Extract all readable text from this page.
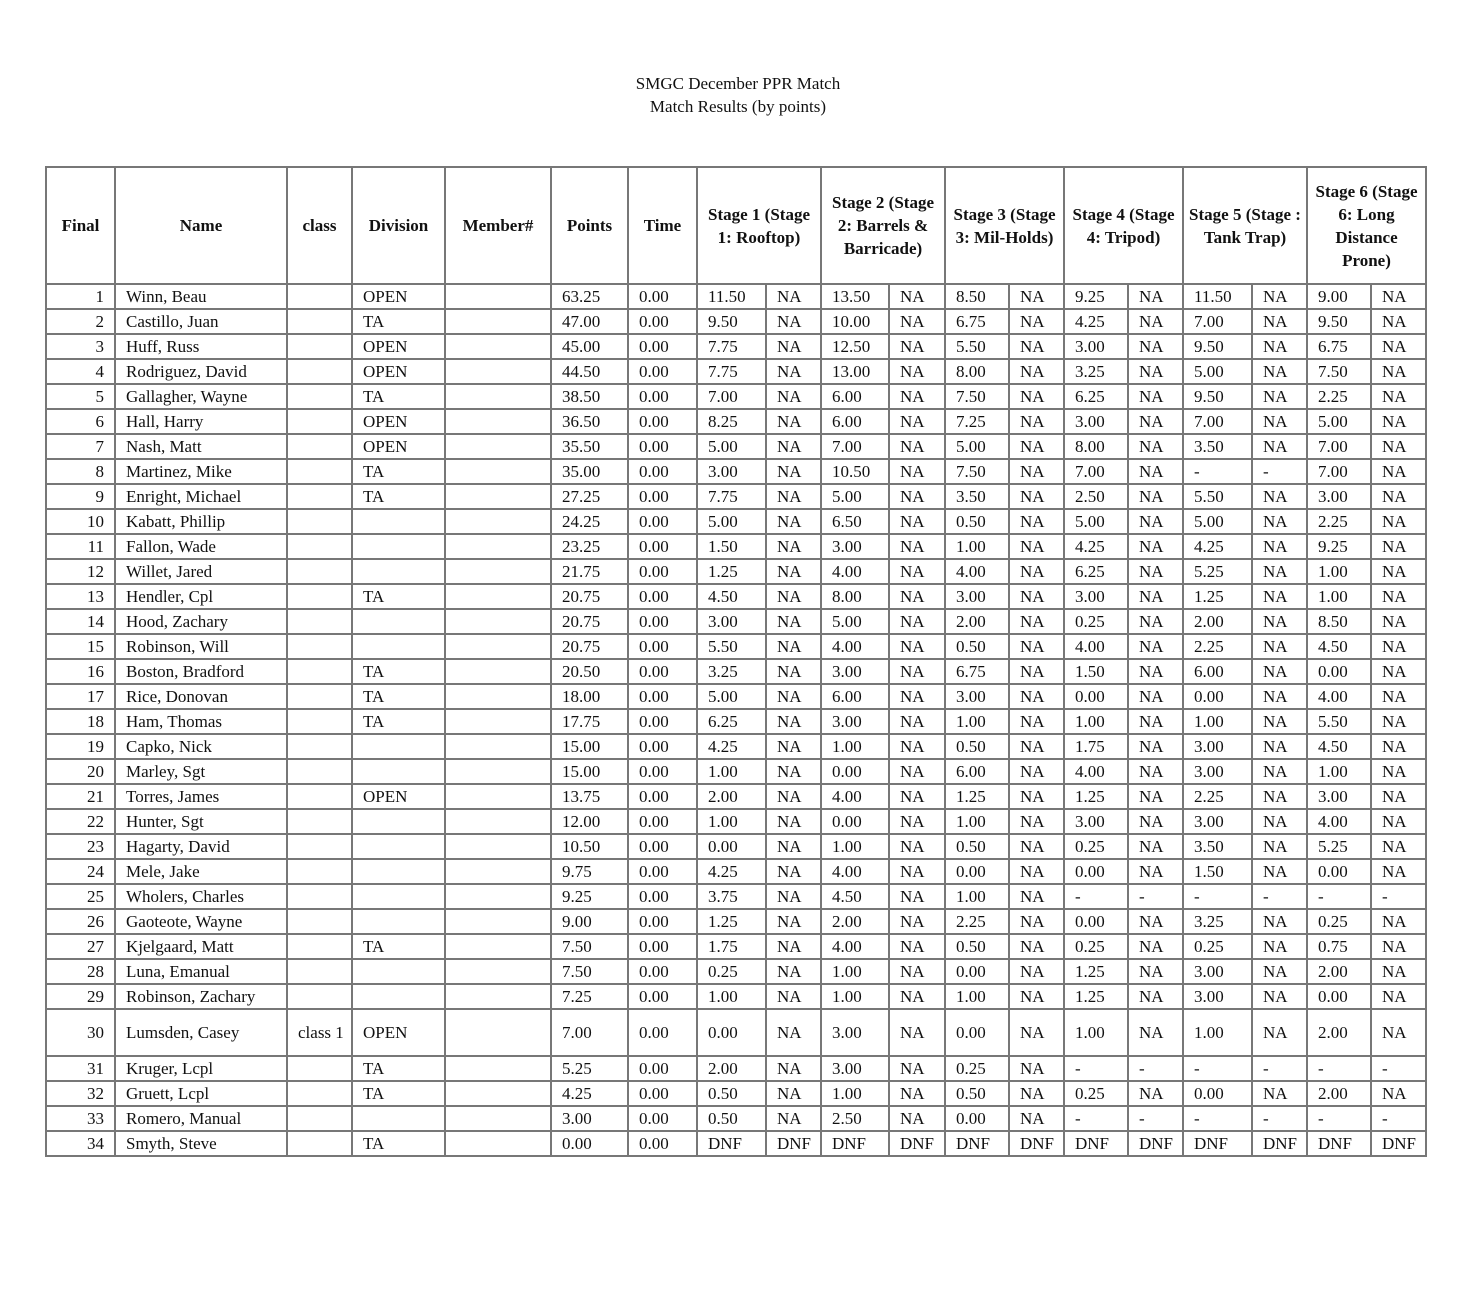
SMGC December PPR Match
Match Results (by points)
Final	Name	class	Division	Member#	Points	Time	Stage 1 (Stage 1: Rooftop)		Stage 2 (Stage 2: Barrels & Barricade)		Stage 3 (Stage 3: Mil-Holds)		Stage 4 (Stage 4: Tripod)		Stage 5 (Stage : Tank Trap)		Stage 6 (Stage 6: Long Distance Prone)	
1	Winn, Beau		OPEN		63.25	0.00	11.50	NA	13.50	NA	8.50	NA	9.25	NA	11.50	NA	9.00	NA
2	Castillo, Juan		TA		47.00	0.00	9.50	NA	10.00	NA	6.75	NA	4.25	NA	7.00	NA	9.50	NA
3	Huff, Russ		OPEN		45.00	0.00	7.75	NA	12.50	NA	5.50	NA	3.00	NA	9.50	NA	6.75	NA
4	Rodriguez, David		OPEN		44.50	0.00	7.75	NA	13.00	NA	8.00	NA	3.25	NA	5.00	NA	7.50	NA
5	Gallagher, Wayne		TA		38.50	0.00	7.00	NA	6.00	NA	7.50	NA	6.25	NA	9.50	NA	2.25	NA
6	Hall, Harry		OPEN		36.50	0.00	8.25	NA	6.00	NA	7.25	NA	3.00	NA	7.00	NA	5.00	NA
7	Nash, Matt		OPEN		35.50	0.00	5.00	NA	7.00	NA	5.00	NA	8.00	NA	3.50	NA	7.00	NA
8	Martinez, Mike		TA		35.00	0.00	3.00	NA	10.50	NA	7.50	NA	7.00	NA	-	-	7.00	NA
9	Enright, Michael		TA		27.25	0.00	7.75	NA	5.00	NA	3.50	NA	2.50	NA	5.50	NA	3.00	NA
10	Kabatt, Phillip				24.25	0.00	5.00	NA	6.50	NA	0.50	NA	5.00	NA	5.00	NA	2.25	NA
11	Fallon, Wade				23.25	0.00	1.50	NA	3.00	NA	1.00	NA	4.25	NA	4.25	NA	9.25	NA
12	Willet, Jared				21.75	0.00	1.25	NA	4.00	NA	4.00	NA	6.25	NA	5.25	NA	1.00	NA
13	Hendler, Cpl		TA		20.75	0.00	4.50	NA	8.00	NA	3.00	NA	3.00	NA	1.25	NA	1.00	NA
14	Hood, Zachary				20.75	0.00	3.00	NA	5.00	NA	2.00	NA	0.25	NA	2.00	NA	8.50	NA
15	Robinson, Will				20.75	0.00	5.50	NA	4.00	NA	0.50	NA	4.00	NA	2.25	NA	4.50	NA
16	Boston, Bradford		TA		20.50	0.00	3.25	NA	3.00	NA	6.75	NA	1.50	NA	6.00	NA	0.00	NA
17	Rice, Donovan		TA		18.00	0.00	5.00	NA	6.00	NA	3.00	NA	0.00	NA	0.00	NA	4.00	NA
18	Ham, Thomas		TA		17.75	0.00	6.25	NA	3.00	NA	1.00	NA	1.00	NA	1.00	NA	5.50	NA
19	Capko, Nick				15.00	0.00	4.25	NA	1.00	NA	0.50	NA	1.75	NA	3.00	NA	4.50	NA
20	Marley, Sgt				15.00	0.00	1.00	NA	0.00	NA	6.00	NA	4.00	NA	3.00	NA	1.00	NA
21	Torres, James		OPEN		13.75	0.00	2.00	NA	4.00	NA	1.25	NA	1.25	NA	2.25	NA	3.00	NA
22	Hunter, Sgt				12.00	0.00	1.00	NA	0.00	NA	1.00	NA	3.00	NA	3.00	NA	4.00	NA
23	Hagarty, David				10.50	0.00	0.00	NA	1.00	NA	0.50	NA	0.25	NA	3.50	NA	5.25	NA
24	Mele, Jake				9.75	0.00	4.25	NA	4.00	NA	0.00	NA	0.00	NA	1.50	NA	0.00	NA
25	Wholers, Charles				9.25	0.00	3.75	NA	4.50	NA	1.00	NA	-	-	-	-	-	-
26	Gaoteote, Wayne				9.00	0.00	1.25	NA	2.00	NA	2.25	NA	0.00	NA	3.25	NA	0.25	NA
27	Kjelgaard, Matt		TA		7.50	0.00	1.75	NA	4.00	NA	0.50	NA	0.25	NA	0.25	NA	0.75	NA
28	Luna, Emanual				7.50	0.00	0.25	NA	1.00	NA	0.00	NA	1.25	NA	3.00	NA	2.00	NA
29	Robinson, Zachary				7.25	0.00	1.00	NA	1.00	NA	1.00	NA	1.25	NA	3.00	NA	0.00	NA
30	Lumsden, Casey	class 1	OPEN		7.00	0.00	0.00	NA	3.00	NA	0.00	NA	1.00	NA	1.00	NA	2.00	NA
31	Kruger, Lcpl		TA		5.25	0.00	2.00	NA	3.00	NA	0.25	NA	-	-	-	-	-	-
32	Gruett, Lcpl		TA		4.25	0.00	0.50	NA	1.00	NA	0.50	NA	0.25	NA	0.00	NA	2.00	NA
33	Romero, Manual				3.00	0.00	0.50	NA	2.50	NA	0.00	NA	-	-	-	-	-	-
34	Smyth, Steve		TA		0.00	0.00	DNF	DNF	DNF	DNF	DNF	DNF	DNF	DNF	DNF	DNF	DNF	DNF
